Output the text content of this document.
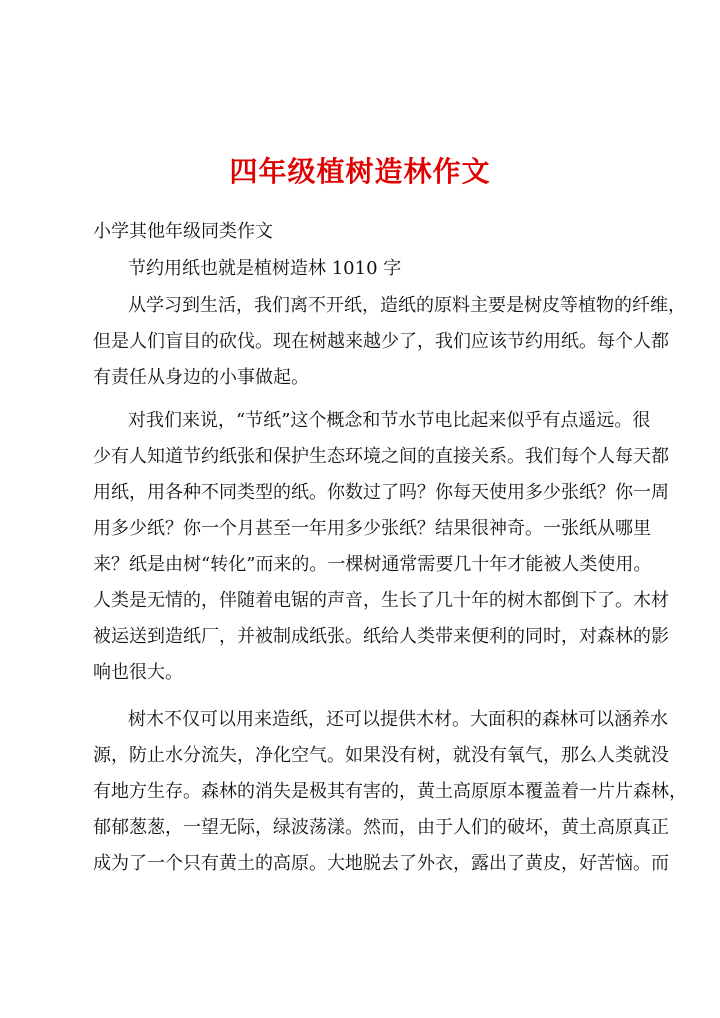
四年级植树造林作文
小学其他年级同类作文
节约用纸也就是植树造林 1010 字
从学习到生活，我们离不开纸，造纸的原料主要是树皮等植物的纤维，
但是人们盲目的砍伐。现在树越来越少了，我们应该节约用纸。每个人都
有责任从身边的小事做起。
对我们来说，“节纸”这个概念和节水节电比起来似乎有点遥远。很
少有人知道节约纸张和保护生态环境之间的直接关系。我们每个人每天都
用纸，用各种不同类型的纸。你数过了吗？你每天使用多少张纸？你一周
用多少纸？你一个月甚至一年用多少张纸？结果很神奇。一张纸从哪里
来？纸是由树“转化”而来的。一棵树通常需要几十年才能被人类使用。
人类是无情的，伴随着电锯的声音，生长了几十年的树木都倒下了。木材
被运送到造纸厂，并被制成纸张。纸给人类带来便利的同时，对森林的影
响也很大。
树木不仅可以用来造纸，还可以提供木材。大面积的森林可以涵养水
源，防止水分流失，净化空气。如果没有树，就没有氧气，那么人类就没
有地方生存。森林的消失是极其有害的，黄土高原原本覆盖着一片片森林，
郁郁葱葱，一望无际，绿波荡漾。然而，由于人们的破坏，黄土高原真正
成为了一个只有黄土的高原。大地脱去了外衣，露出了黄皮，好苦恼。而
